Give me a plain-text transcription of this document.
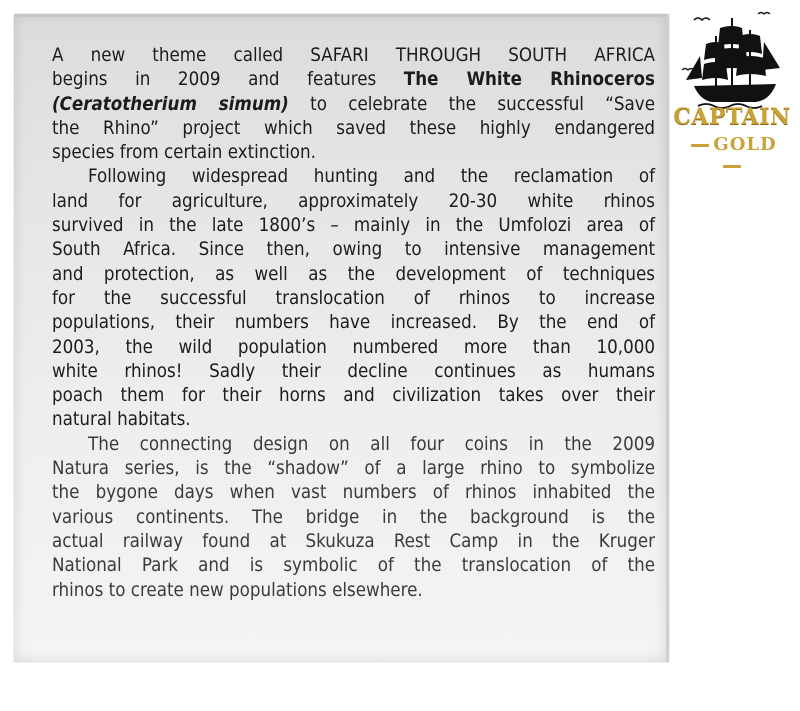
A new theme called SAFARI THROUGH SOUTH AFRICA
begins in 2009 and features The White Rhinoceros
(Ceratotherium simum) to celebrate the successful “Save
the Rhino” project which saved these highly endangered
species from certain extinction.
Following widespread hunting and the reclamation of
land for agriculture, approximately 20-30 white rhinos
survived in the late 1800’s – mainly in the Umfolozi area of
South Africa. Since then, owing to intensive management
and protection, as well as the development of techniques
for the successful translocation of rhinos to increase
populations, their numbers have increased. By the end of
2003, the wild population numbered more than 10,000
white rhinos! Sadly their decline continues as humans
poach them for their horns and civilization takes over their
natural habitats.
The connecting design on all four coins in the 2009
Natura series, is the “shadow” of a large rhino to symbolize
the bygone days when vast numbers of rhinos inhabited the
various continents. The bridge in the background is the
actual railway found at Skukuza Rest Camp in the Kruger
National Park and is symbolic of the translocation of the
rhinos to create new populations elsewhere.
CAPTAIN
GOLD
